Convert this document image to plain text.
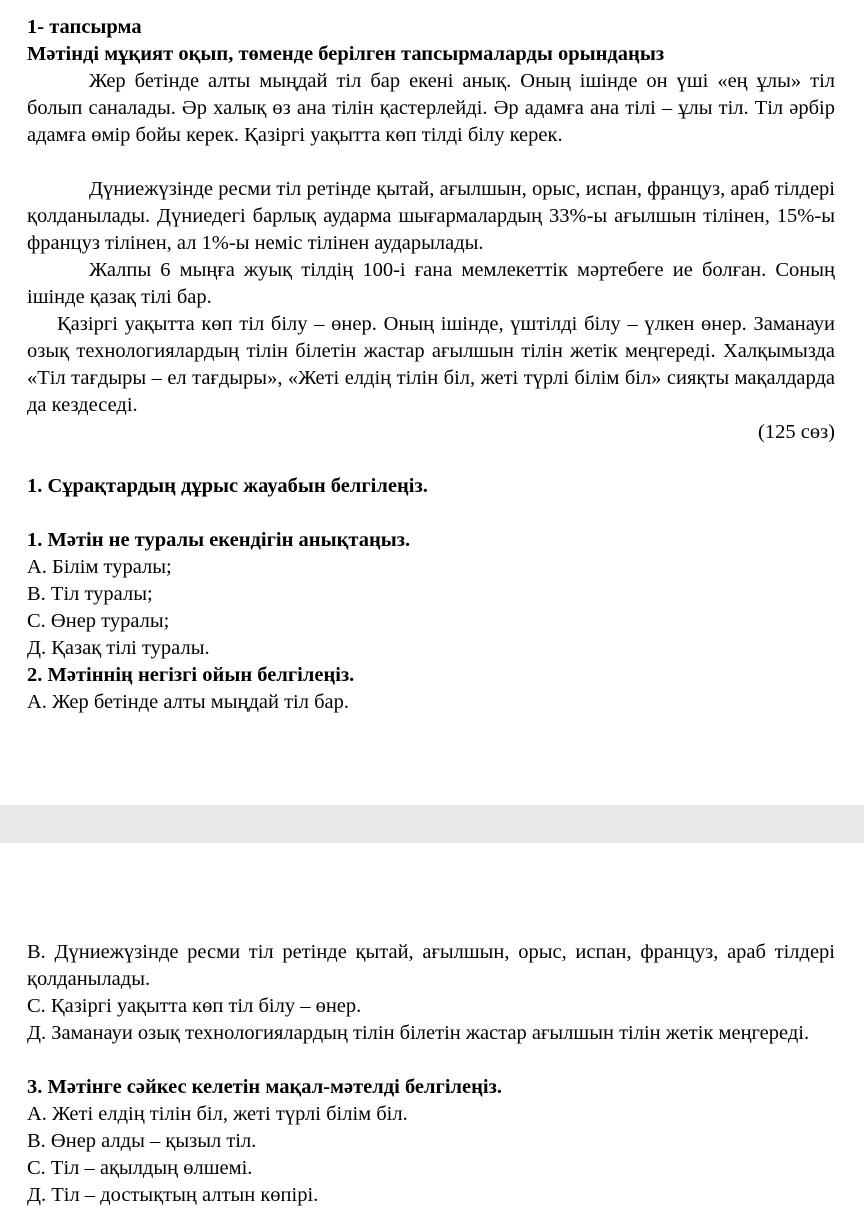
1- тапсырма
Мәтінді мұқият оқып, төменде берілген тапсырмаларды орындаңыз
Жер бетінде алты мыңдай тіл бар екені анық. Оның ішінде он үші «ең ұлы» тіл болып саналады. Әр халық өз ана тілін қастерлейді. Әр адамға ана тілі – ұлы тіл. Тіл әрбір адамға өмір бойы керек. Қазіргі уақытта көп тілді білу керек.
Дүниежүзінде ресми тіл ретінде қытай, ағылшын, орыс, испан, француз, араб тілдері қолданылады. Дүниедегі барлық аударма шығармалардың 33%-ы ағылшын тілінен, 15%-ы француз тілінен, ал 1%-ы неміс тілінен аударылады.
Жалпы 6 мыңға жуық тілдің 100-і ғана мемлекеттік мәртебеге ие болған. Соның ішінде қазақ тілі бар.
Қазіргі уақытта көп тіл білу – өнер. Оның ішінде, үштілді білу – үлкен өнер. Заманауи озық технологиялардың тілін білетін жастар ағылшын тілін жетік меңгереді. Халқымызда «Тіл тағдыры – ел тағдыры», «Жеті елдің тілін біл, жеті түрлі білім біл» сияқты мақалдарда да кездеседі.
(125 сөз)
1. Сұрақтардың дұрыс жауабын белгілеңіз.
1. Мәтін не туралы екендігін анықтаңыз.
А. Білім туралы;
В. Тіл туралы;
С. Өнер туралы;
Д. Қазақ тілі туралы.
2. Мәтіннің негізгі ойын белгілеңіз.
А. Жер бетінде алты мыңдай тіл бар.
В. Дүниежүзінде ресми тіл ретінде қытай, ағылшын, орыс, испан, француз, араб тілдері қолданылады.
С. Қазіргі уақытта көп тіл білу – өнер.
Д. Заманауи озық технологиялардың тілін білетін жастар ағылшын тілін жетік меңгереді.
3. Мәтінге сәйкес келетін мақал-мәтелді белгілеңіз.
А. Жеті елдің тілін біл, жеті түрлі білім біл.
В. Өнер алды – қызыл тіл.
С. Тіл – ақылдың өлшемі.
Д. Тіл – достықтың алтын көпірі.
